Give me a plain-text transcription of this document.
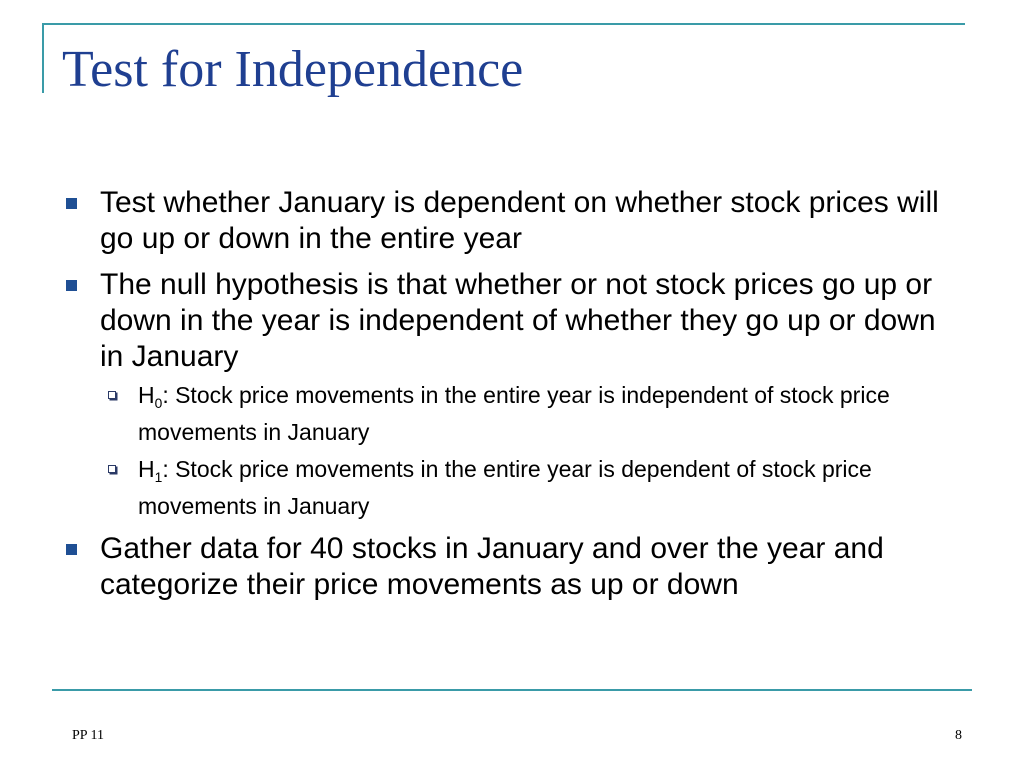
Test for Independence
Test whether January is dependent on whether stock prices will go up or down in the entire year
The null hypothesis is that whether or not stock prices go up or down in the year is independent of whether they go up or down in January
$H_0$: Stock price movements in the entire year is independent of stock price movements in January
$H_1$: Stock price movements in the entire year is dependent of stock price movements in January
Gather data for 40 stocks in January and over the year and categorize their price movements as up or down
PP 11	8
